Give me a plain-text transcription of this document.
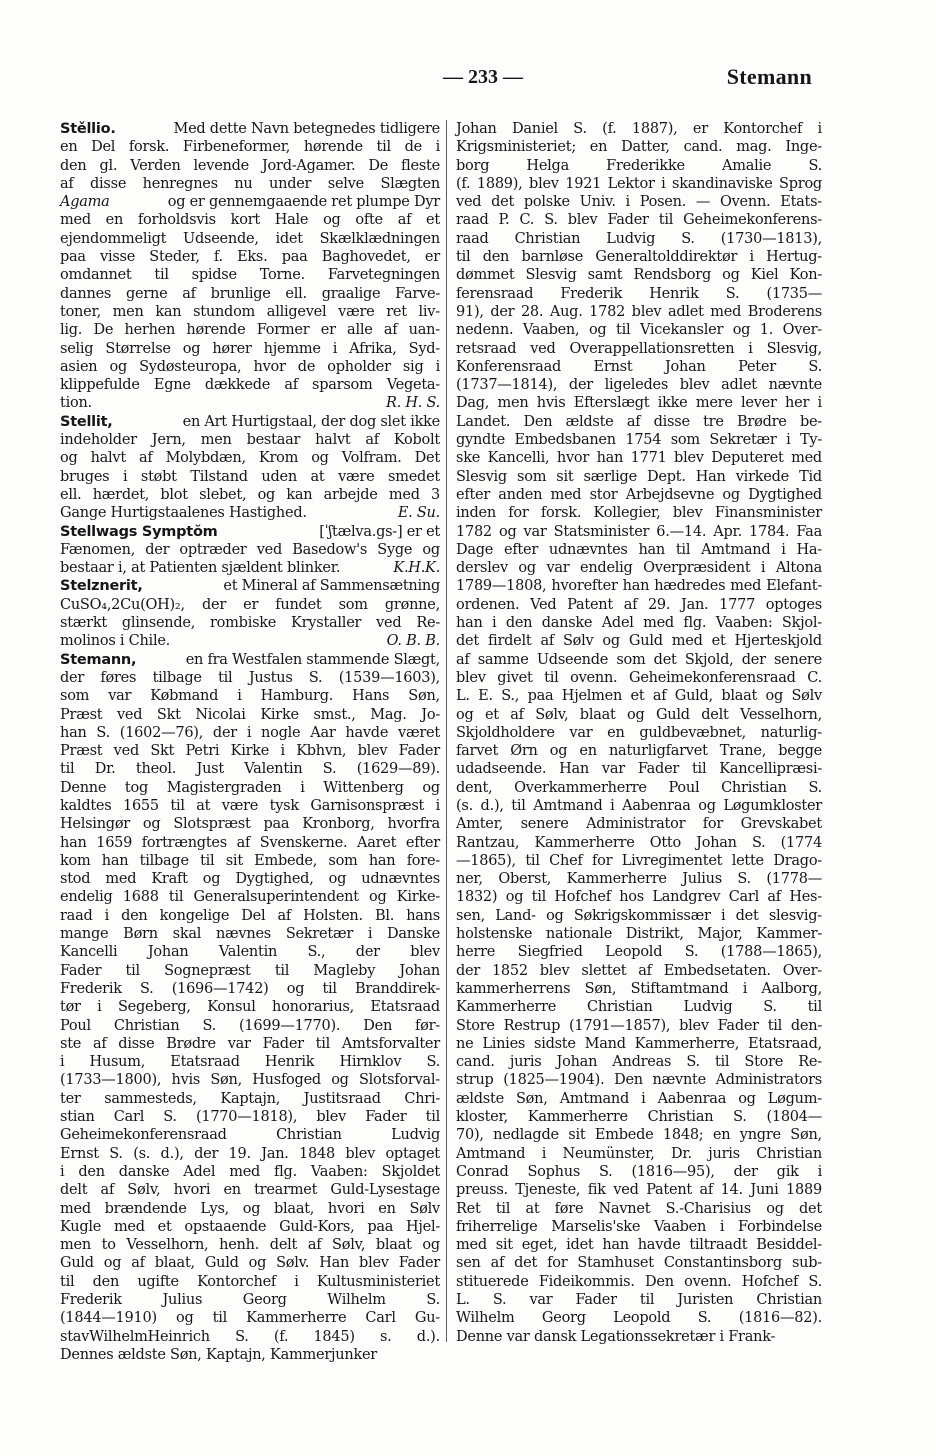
— 233 —	Stemann
Stěllio.	Med dette Navn betegnedes tidligere
en Del forsk. Firbeneformer, hørende til de i
den gl. Verden levende Jord-Agamer. De fleste
af disse henregnes nu under selve Slægten
Agama	og er gennemgaaende ret plumpe Dyr
med en forholdsvis kort Hale og ofte af et
ejendommeligt Udseende, idet Skælklædningen
paa visse Steder, f. Eks. paa Baghovedet, er
omdannet til spidse Torne. Farvetegningen
dannes gerne af brunlige ell. graalige Farve-
toner, men kan stundom alligevel være ret liv-
lig. De herhen hørende Former er alle af uan-
selig Størrelse og hører hjemme i Afrika, Syd-
asien og Sydøsteuropa, hvor de opholder sig i
klippefulde Egne dækkede af sparsom Vegeta-
tion.	R. H. S.
Stellit,	en Art Hurtigstaal, der dog slet ikke
indeholder Jern, men bestaar halvt af Kobolt
og halvt af Molybdæn, Krom og Volfram. Det
bruges i støbt Tilstand uden at være smedet
ell. hærdet, blot slebet, og kan arbejde med 3
Gange Hurtigstaalenes Hastighed.	E. Su.
Stellwags Symptŏm	[ˈʃtælva.gs-] er et
Fænomen, der optræder ved Basedow's Syge og
bestaar i, at Patienten sjældent blinker.	K.H.K.
Stelznerit,	et Mineral af Sammensætning
CuSO₄,2Cu(OH)₂, der er fundet som grønne,
stærkt glinsende, rombiske Krystaller ved Re-
molinos i Chile.	O. B. B.
Stemann,	en fra Westfalen stammende Slægt,
der føres tilbage til Justus S. (1539—1603),
som var Købmand i Hamburg. Hans Søn,
Præst ved Skt Nicolai Kirke smst., Mag. Jo-
han S. (1602—76), der i nogle Aar havde været
Præst ved Skt Petri Kirke i Kbhvn, blev Fader
til Dr. theol. Just Valentin S. (1629—89).
Denne tog Magistergraden i Wittenberg og
kaldtes 1655 til at være tysk Garnisonspræst i
Helsingør og Slotspræst paa Kronborg, hvorfra
han 1659 fortrængtes af Svenskerne. Aaret efter
kom han tilbage til sit Embede, som han fore-
stod med Kraft og Dygtighed, og udnævntes
endelig 1688 til Generalsuperintendent og Kirke-
raad i den kongelige Del af Holsten. Bl. hans
mange Børn skal nævnes Sekretær i Danske
Kancelli Johan Valentin S., der blev
Fader til Sognepræst til Magleby Johan
Frederik S. (1696—1742) og til Branddirek-
tør i Segeberg, Konsul honorarius, Etatsraad
Poul Christian S. (1699—1770). Den før-
ste af disse Brødre var Fader til Amtsforvalter
i Husum, Etatsraad Henrik Hirnklov S.
(1733—1800), hvis Søn, Husfoged og Slotsforval-
ter sammesteds, Kaptajn, Justitsraad Chri-
stian Carl S. (1770—1818), blev Fader til
Geheimekonferensraad	Christian	Ludvig
Ernst S. (s. d.), der 19. Jan. 1848 blev optaget
i den danske Adel med flg. Vaaben: Skjoldet
delt af Sølv, hvori en trearmet Guld-Lysestage
med brændende Lys, og blaat, hvori en Sølv
Kugle med et opstaaende Guld-Kors, paa Hjel-
men to Vesselhorn, henh. delt af Sølv, blaat og
Guld og af blaat, Guld og Sølv. Han blev Fader
til den ugifte Kontorchef i Kultusministeriet
Frederik	Julius	Georg	Wilhelm	S.
(1844—1910) og til Kammerherre Carl Gu-
stavWilhelmHeinrich S. (f. 1845) s. d.).
Dennes ældste Søn, Kaptajn, Kammerjunker
Johan Daniel S. (f. 1887), er Kontorchef i
Krigsministeriet; en Datter, cand. mag. Inge-
borg	Helga	Frederikke	Amalie	S.
(f. 1889), blev 1921 Lektor i skandinaviske Sprog
ved det polske Univ. i Posen. — Ovenn. Etats-
raad P. C. S. blev Fader til Geheimekonferens-
raad Christian Ludvig S. (1730—1813),
til den barnløse Generaltolddirektør i Hertug-
dømmet Slesvig samt Rendsborg og Kiel Kon-
ferensraad Frederik Henrik S. (1735—
91), der 28. Aug. 1782 blev adlet med Broderens
nedenn. Vaaben, og til Vicekansler og 1. Over-
retsraad ved Overappellationsretten i Slesvig,
Konferensraad Ernst Johan Peter S.
(1737—1814), der ligeledes blev adlet nævnte
Dag, men hvis Efterslægt ikke mere lever her i
Landet. Den ældste af disse tre Brødre be-
gyndte Embedsbanen 1754 som Sekretær i Ty-
ske Kancelli, hvor han 1771 blev Deputeret med
Slesvig som sit særlige Dept. Han virkede Tid
efter anden med stor Arbejdsevne og Dygtighed
inden for forsk. Kollegier, blev Finansminister
1782 og var Statsminister 6.—14. Apr. 1784. Faa
Dage efter udnævntes han til Amtmand i Ha-
derslev og var endelig Overpræsident i Altona
1789—1808, hvorefter han hædredes med Elefant-
ordenen. Ved Patent af 29. Jan. 1777 optoges
han i den danske Adel med flg. Vaaben: Skjol-
det firdelt af Sølv og Guld med et Hjerteskjold
af samme Udseende som det Skjold, der senere
blev givet til ovenn. Geheimekonferensraad C.
L. E. S., paa Hjelmen et af Guld, blaat og Sølv
og et af Sølv, blaat og Guld delt Vesselhorn,
Skjoldholdere var en guldbevæbnet, naturlig-
farvet Ørn og en naturligfarvet Trane, begge
udadseende. Han var Fader til Kancellipræsi-
dent, Overkammerherre Poul Christian S.
(s. d.), til Amtmand i Aabenraa og Løgumkloster
Amter, senere Administrator for Grevskabet
Rantzau, Kammerherre Otto Johan S. (1774
—1865), til Chef for Livregimentet lette Drago-
ner, Oberst, Kammerherre Julius S. (1778—
1832) og til Hofchef hos Landgrev Carl af Hes-
sen, Land- og Søkrigskommissær i det slesvig-
holstenske nationale Distrikt, Major, Kammer-
herre Siegfried Leopold S. (1788—1865),
der 1852 blev slettet af Embedsetaten. Over-
kammerherrens Søn, Stiftamtmand i Aalborg,
Kammerherre Christian Ludvig S. til
Store Restrup (1791—1857), blev Fader til den-
ne Linies sidste Mand Kammerherre, Etatsraad,
cand. juris Johan Andreas S. til Store Re-
strup (1825—1904). Den nævnte Administrators
ældste Søn, Amtmand i Aabenraa og Løgum-
kloster, Kammerherre Christian S. (1804—
70), nedlagde sit Embede 1848; en yngre Søn,
Amtmand i Neumünster, Dr. juris Christian
Conrad Sophus S. (1816—95), der gik i
preuss. Tjeneste, fik ved Patent af 14. Juni 1889
Ret til at føre Navnet S.-Charisius og det
friherrelige Marselis'ske Vaaben i Forbindelse
med sit eget, idet han havde tiltraadt Besiddel-
sen af det for Stamhuset Constantinsborg sub-
stituerede Fideikommis. Den ovenn. Hofchef S.
L. S. var Fader til Juristen Christian
Wilhelm Georg Leopold S. (1816—82).
Denne var dansk Legationssekretær i Frank-
